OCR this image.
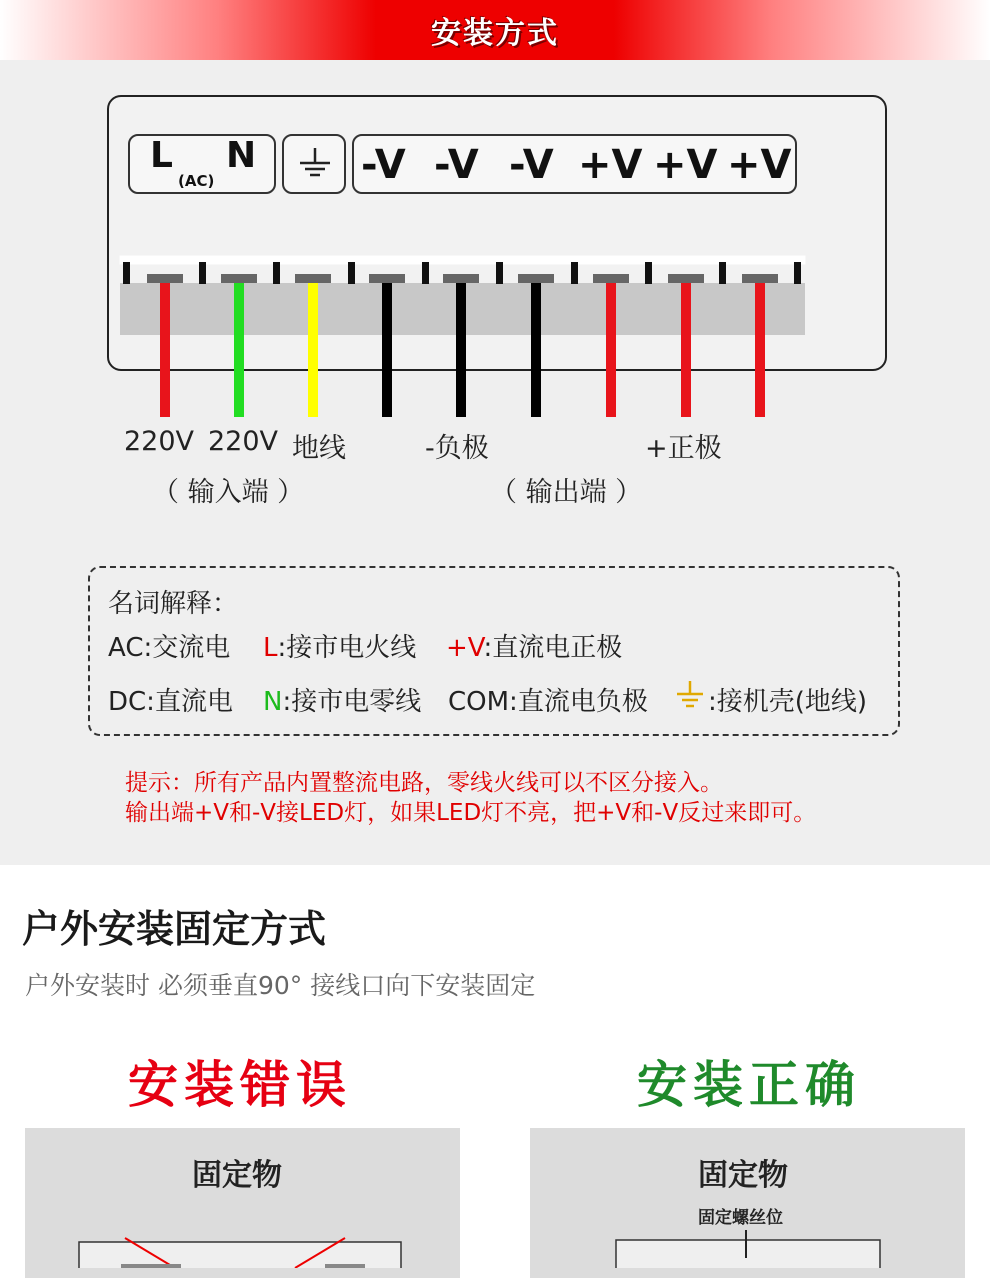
安装方式
L
(AC)
N	-V -V -V +V +V +V
220V 220V 地线	-负极	+正极
（ 输入端 ）	（ 输出端 ）
名词解释：
AC:交流电 L:接市电火线 +V:直流电正极
DC:直流电 N:接市电零线 COM:直流电负极 :接机壳(地线)
提示：所有产品内置整流电路，零线火线可以不区分接入。
输出端+V和-V接LED灯，如果LED灯不亮，把+V和-V反过来即可。
户外安装固定方式
户外安装时 必须垂直90° 接线口向下安装固定
安装错误	安装正确
固定物	固定物
固定螺丝位
